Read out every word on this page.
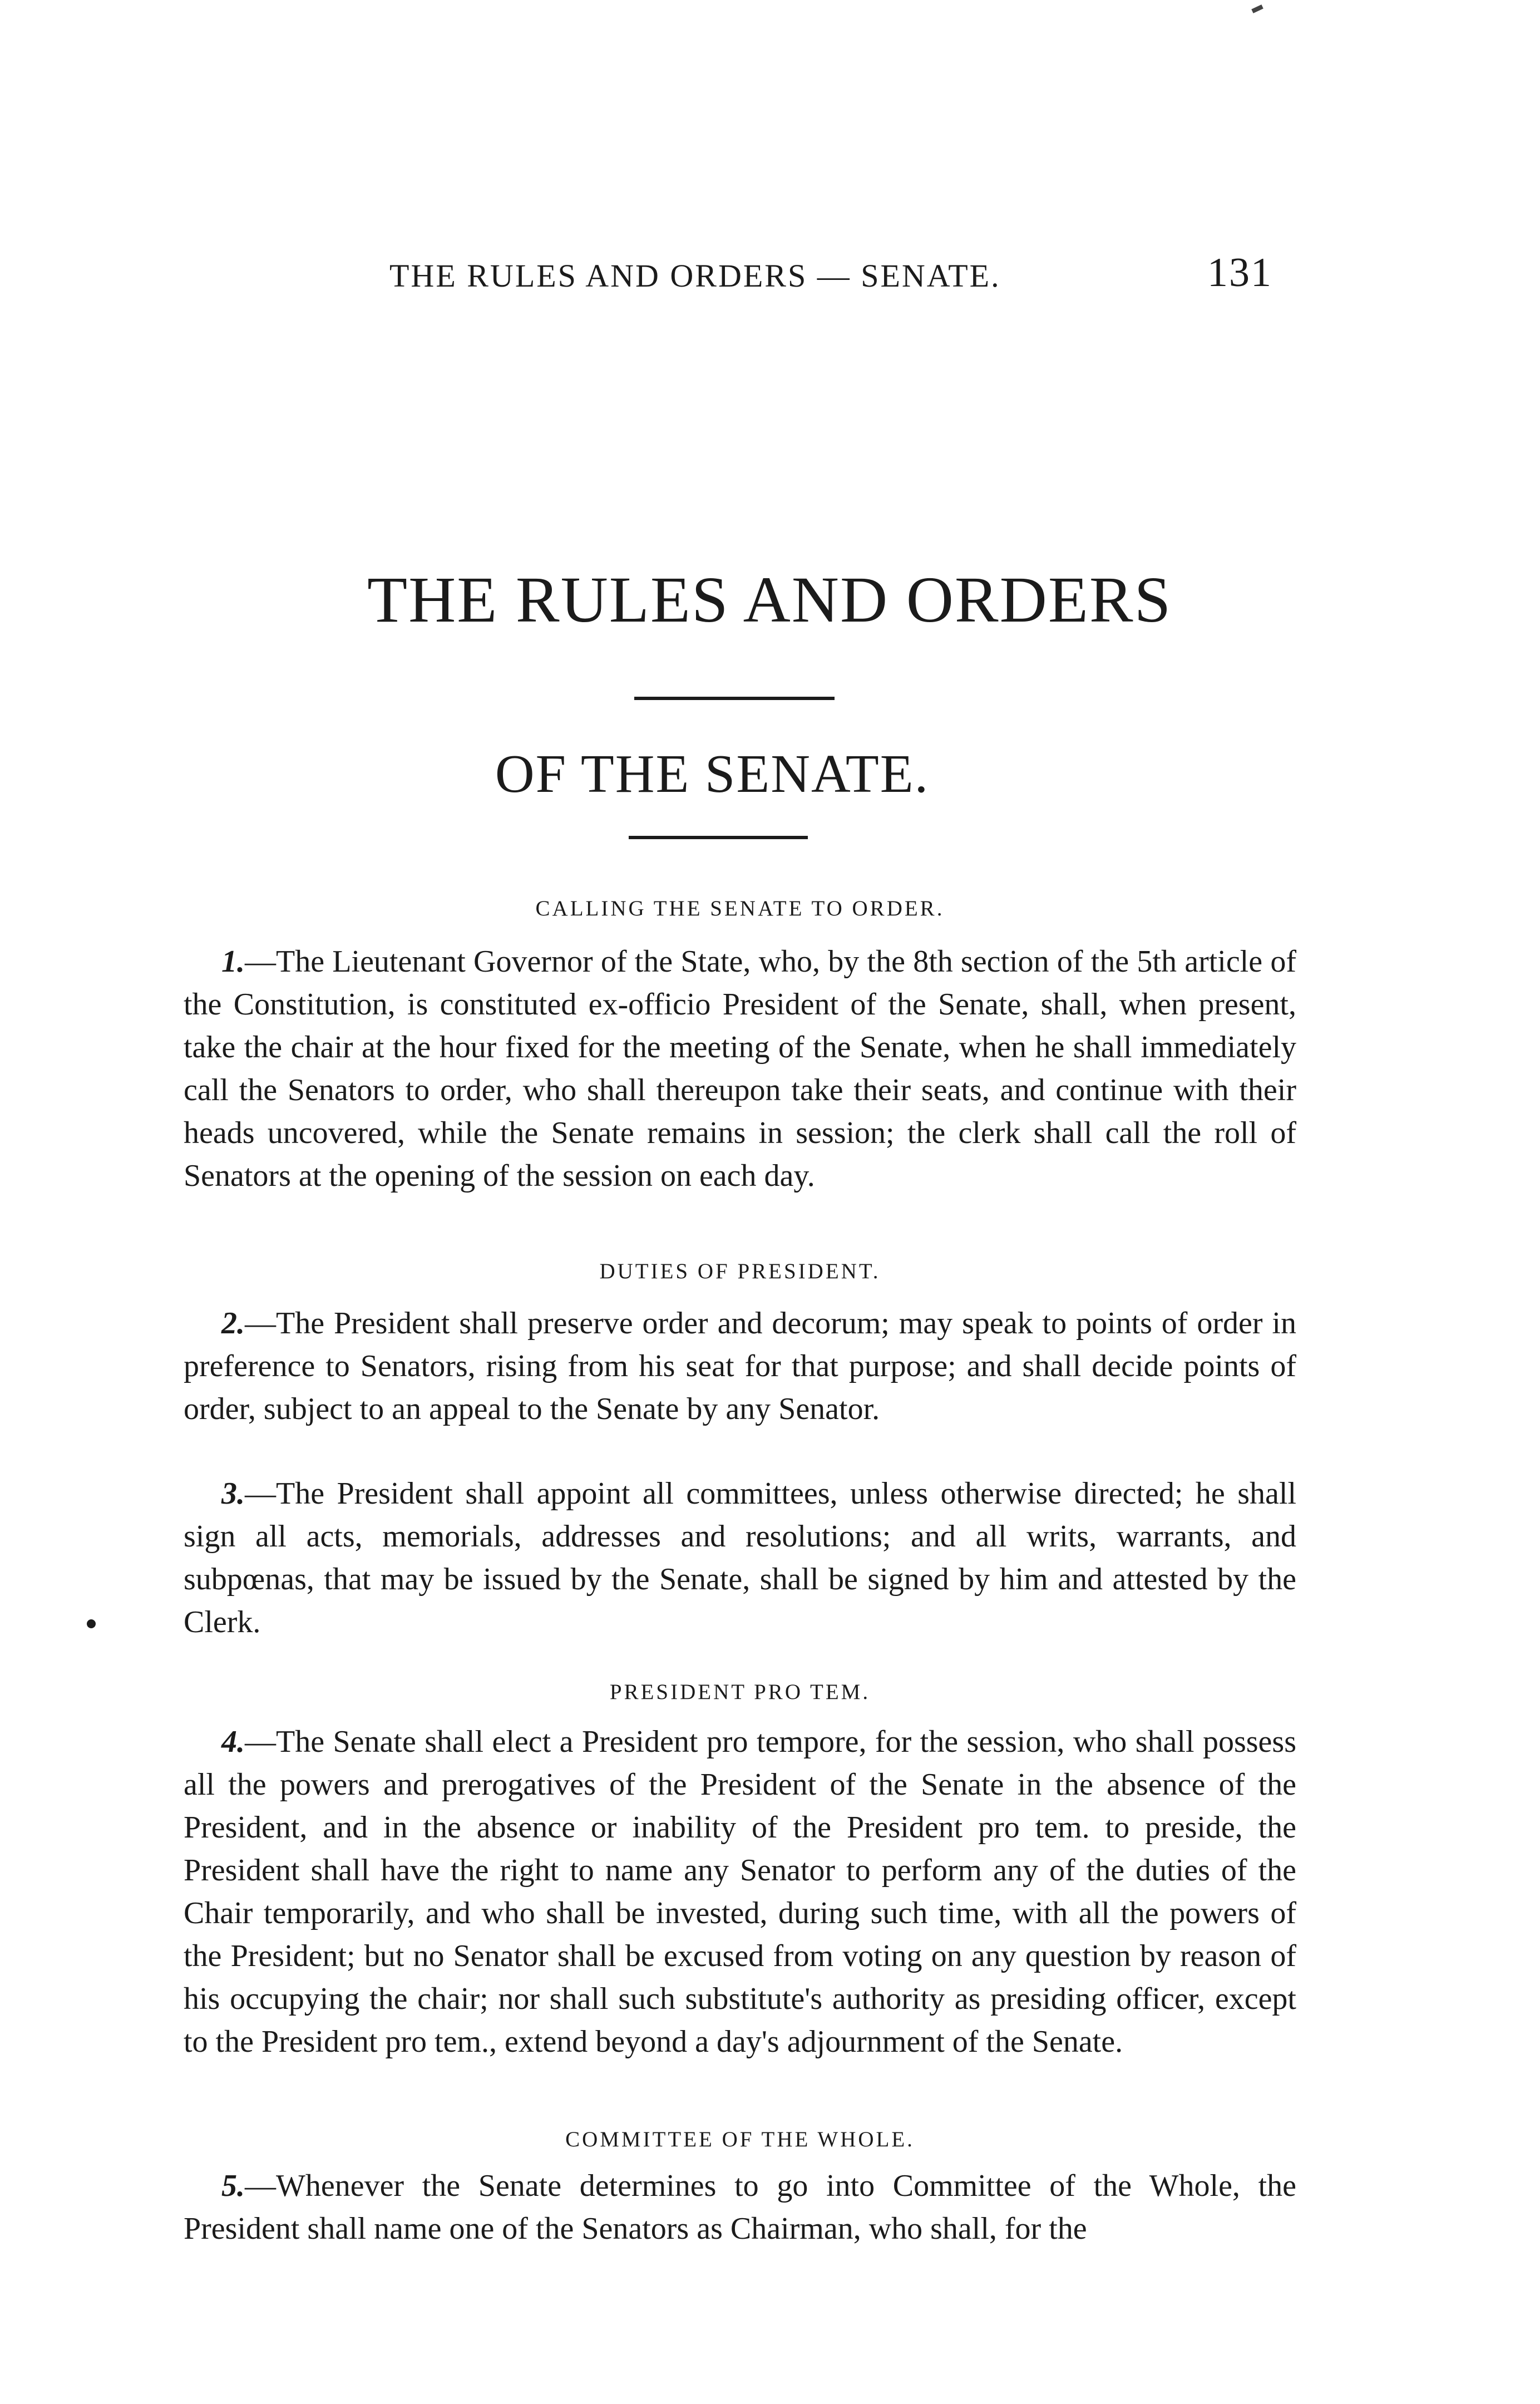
THE RULES AND ORDERS — SENATE.	131
THE RULES AND ORDERS
OF THE SENATE.
CALLING THE SENATE TO ORDER.

1.—The Lieutenant Governor of the State, who, by the 8th section of the 5th article of the Constitution, is constituted ex-officio President of the Senate, shall, when present, take the chair at the hour fixed for the meeting of the Senate, when he shall immediately call the Senators to order, who shall thereupon take their seats, and continue with their heads uncovered, while the Senate remains in session; the clerk shall call the roll of Senators at the opening of the session on each day.

DUTIES OF PRESIDENT.

2.—The President shall preserve order and decorum; may speak to points of order in preference to Senators, rising from his seat for that purpose; and shall decide points of order, subject to an appeal to the Senate by any Senator.

3.—The President shall appoint all committees, unless otherwise directed; he shall sign all acts, memorials, addresses and resolutions; and all writs, warrants, and subpœnas, that may be issued by the Senate, shall be signed by him and attested by the Clerk.

PRESIDENT PRO TEM.

4.—The Senate shall elect a President pro tempore, for the session, who shall possess all the powers and prerogatives of the President of the Senate in the absence of the President, and in the absence or inability of the President pro tem. to preside, the President shall have the right to name any Senator to perform any of the duties of the Chair temporarily, and who shall be invested, during such time, with all the powers of the President; but no Senator shall be excused from voting on any question by reason of his occupying the chair; nor shall such substitute's authority as presiding officer, except to the President pro tem., extend beyond a day's adjournment of the Senate.

COMMITTEE OF THE WHOLE.

5.—Whenever the Senate determines to go into Committee of the Whole, the President shall name one of the Senators as Chairman, who shall, for the
